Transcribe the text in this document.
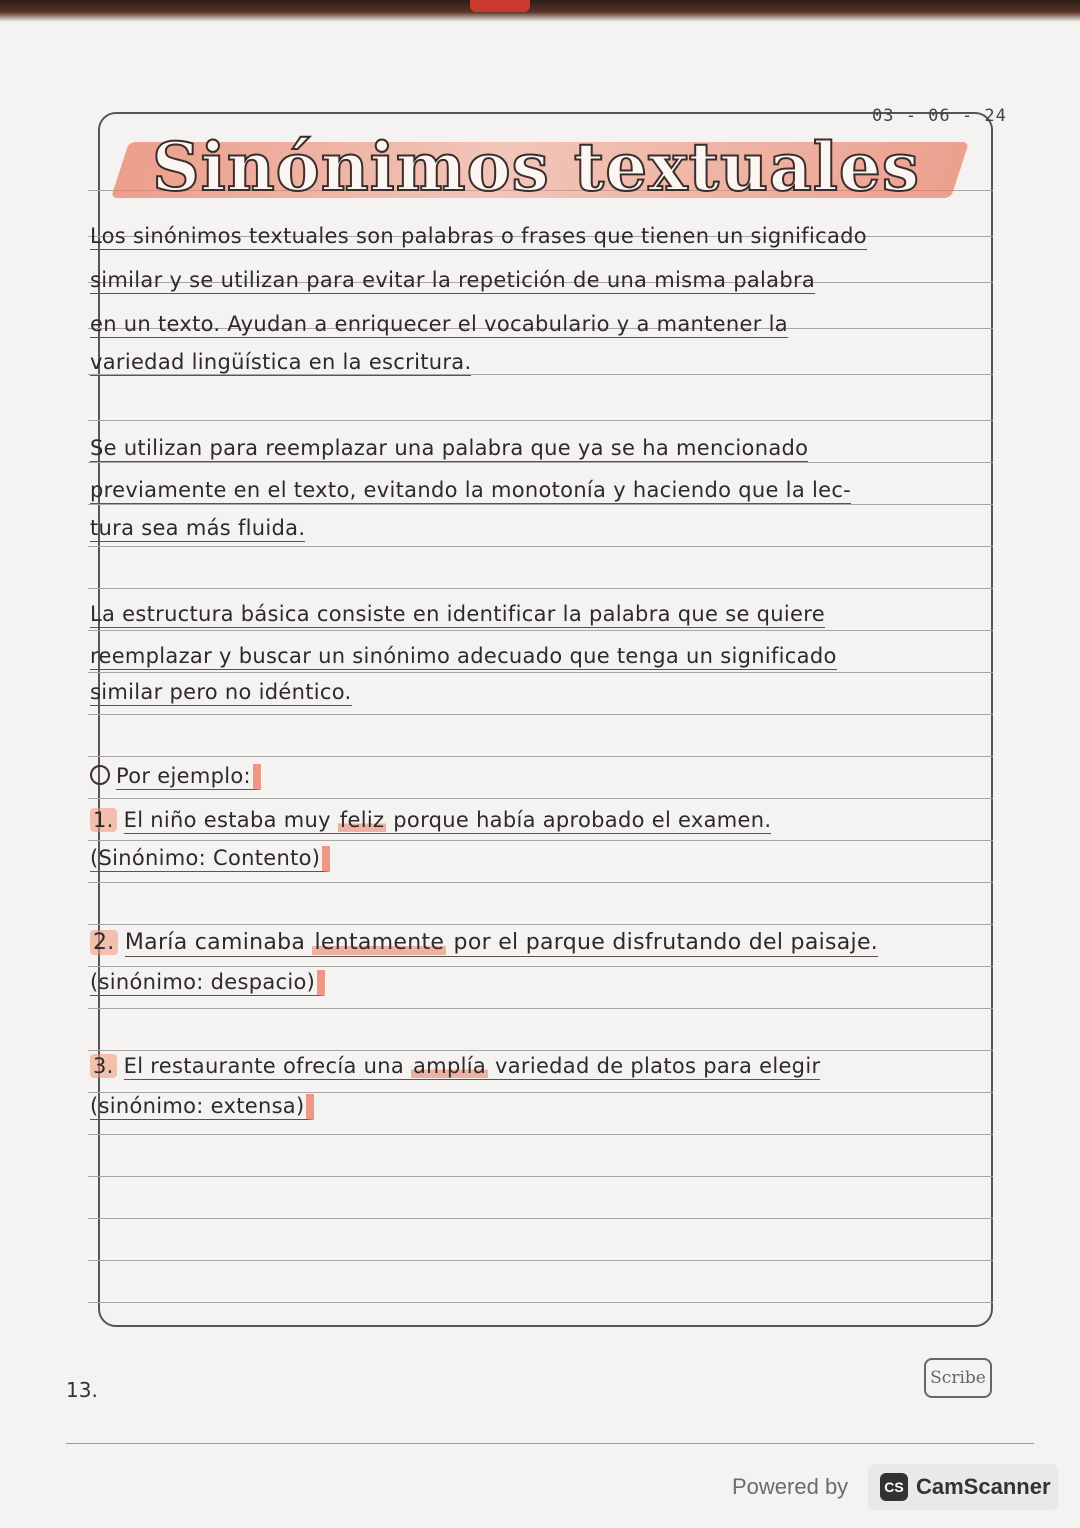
03 - 06 - 24
Sinónimos textuales
Los sinónimos textuales son palabras o frases que tienen un significado
similar y se utilizan para evitar la repetición de una misma palabra
en un texto. Ayudan a enriquecer el vocabulario y a mantener la
variedad lingüística en la escritura.
Se utilizan para reemplazar una palabra que ya se ha mencionado
previamente en el texto, evitando la monotonía y haciendo que la lec-
tura sea más fluida.
La estructura básica consiste en identificar la palabra que se quiere
reemplazar y buscar un sinónimo adecuado que tenga un significado
similar pero no idéntico.
Por ejemplo:
1. El niño estaba muy feliz porque había aprobado el examen.
(Sinónimo: Contento)
2. María caminaba lentamente por el parque disfrutando del paisaje.
(sinónimo: despacio)
3. El restaurante ofrecía una amplía variedad de platos para elegir
(sinónimo: extensa)
13.	Scribe
Powered by	CS CamScanner
